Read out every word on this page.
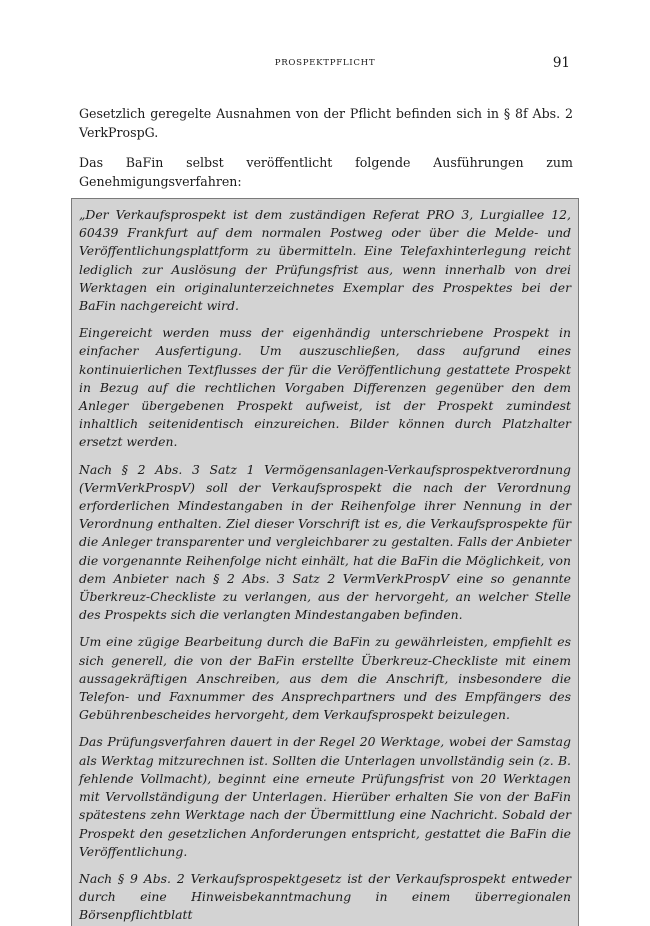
PROSPEKTPFLICHT	91

Gesetzlich geregelte Ausnahmen von der Pflicht befinden sich in § 8f Abs. 2 VerkProspG.

Das BaFin selbst veröffentlicht folgende Ausführungen zum Genehmigungsverfahren:

„Der Verkaufsprospekt ist dem zuständigen Referat PRO 3, Lurgiallee 12, 60439 Frankfurt auf dem normalen Postweg oder über die Melde- und Veröffentlichungsplattform zu übermitteln. Eine Telefaxhinterlegung reicht lediglich zur Auslösung der Prüfungsfrist aus, wenn innerhalb von drei Werktagen ein originalunterzeichnetes Exemplar des Prospektes bei der BaFin nachgereicht wird.

Eingereicht werden muss der eigenhändig unterschriebene Prospekt in einfacher Ausfertigung. Um auszuschließen, dass aufgrund eines kontinuierlichen Textflusses der für die Veröffentlichung gestattete Prospekt in Bezug auf die rechtlichen Vorgaben Differenzen gegenüber den dem Anleger übergebenen Prospekt aufweist, ist der Prospekt zumindest inhaltlich seitenidentisch einzureichen. Bilder können durch Platzhalter ersetzt werden.

Nach § 2 Abs. 3 Satz 1 Vermögensanlagen-Verkaufsprospektverordnung (VermVerkProspV) soll der Verkaufsprospekt die nach der Verordnung erforderlichen Mindestangaben in der Reihenfolge ihrer Nennung in der Verordnung enthalten. Ziel dieser Vorschrift ist es, die Verkaufsprospekte für die Anleger transparenter und vergleichbarer zu gestalten. Falls der Anbieter die vorgenannte Reihenfolge nicht einhält, hat die BaFin die Möglichkeit, von dem Anbieter nach § 2 Abs. 3 Satz 2 VermVerkProspV eine so genannte Überkreuz-Checkliste zu verlangen, aus der hervorgeht, an welcher Stelle des Prospekts sich die verlangten Mindestangaben befinden.

Um eine zügige Bearbeitung durch die BaFin zu gewährleisten, empfiehlt es sich generell, die von der BaFin erstellte Überkreuz-Checkliste mit einem aussagekräftigen Anschreiben, aus dem die Anschrift, insbesondere die Telefon- und Faxnummer des Ansprechpartners und des Empfängers des Gebührenbescheides hervorgeht, dem Verkaufsprospekt beizulegen.

Das Prüfungsverfahren dauert in der Regel 20 Werktage, wobei der Samstag als Werktag mitzurechnen ist. Sollten die Unterlagen unvollständig sein (z. B. fehlende Vollmacht), beginnt eine erneute Prüfungsfrist von 20 Werktagen mit Vervollständigung der Unterlagen. Hierüber erhalten Sie von der BaFin spätestens zehn Werktage nach der Übermittlung eine Nachricht. Sobald der Prospekt den gesetzlichen Anforderungen entspricht, gestattet die BaFin die Veröffentlichung.

Nach § 9 Abs. 2 Verkaufsprospektgesetz ist der Verkaufsprospekt entweder durch eine Hinweisbekanntmachung in einem überregionalen Börsenpflichtblatt
